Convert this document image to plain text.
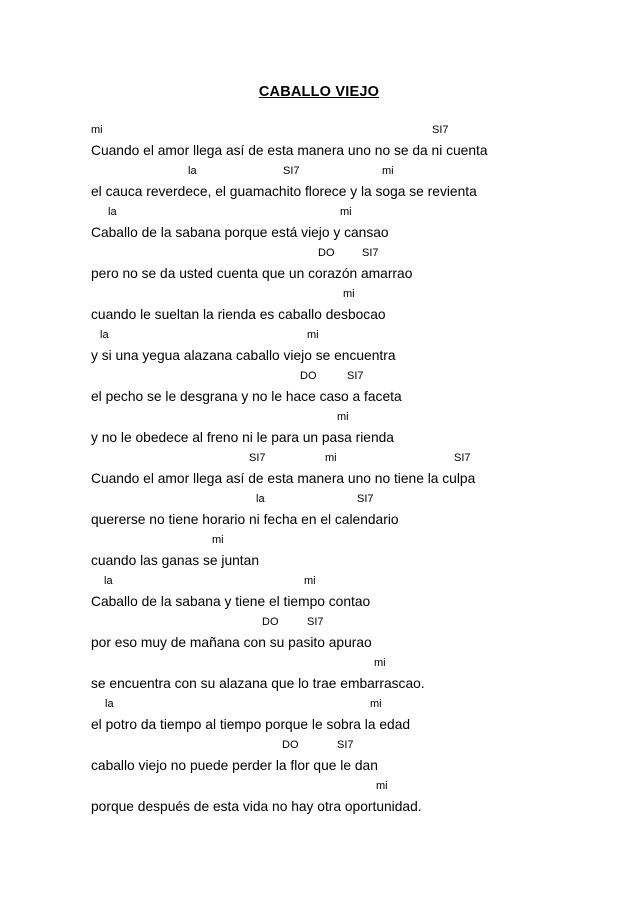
CABALLO VIEJO
mi	SI7
Cuando el amor llega así de esta manera uno no se da ni cuenta
la	SI7	mi
el cauca reverdece, el guamachito florece y la soga se revienta
la	mi
Caballo de la sabana porque está viejo y cansao
DO	SI7
pero no se da usted cuenta que un corazón amarrao
mi
cuando le sueltan la rienda es caballo desbocao
la	mi
y si una yegua alazana caballo viejo se encuentra
DO	SI7
el pecho se le desgrana y no le hace caso a faceta
mi
y no le obedece al freno ni le para un pasa rienda
SI7	mi	SI7
Cuando el amor llega así de esta manera uno no tiene la culpa
la	SI7
quererse no tiene horario ni fecha en el calendario
mi
cuando las ganas se juntan
la	mi
Caballo de la sabana y tiene el tiempo contao
DO	SI7
por eso muy de mañana con su pasito apurao
mi
se encuentra con su alazana que lo trae embarrascao.
la	mi
el potro da tiempo al tiempo porque le sobra la edad
DO	SI7
caballo viejo no puede perder la flor que le dan
mi
porque después de esta vida no hay otra oportunidad.
